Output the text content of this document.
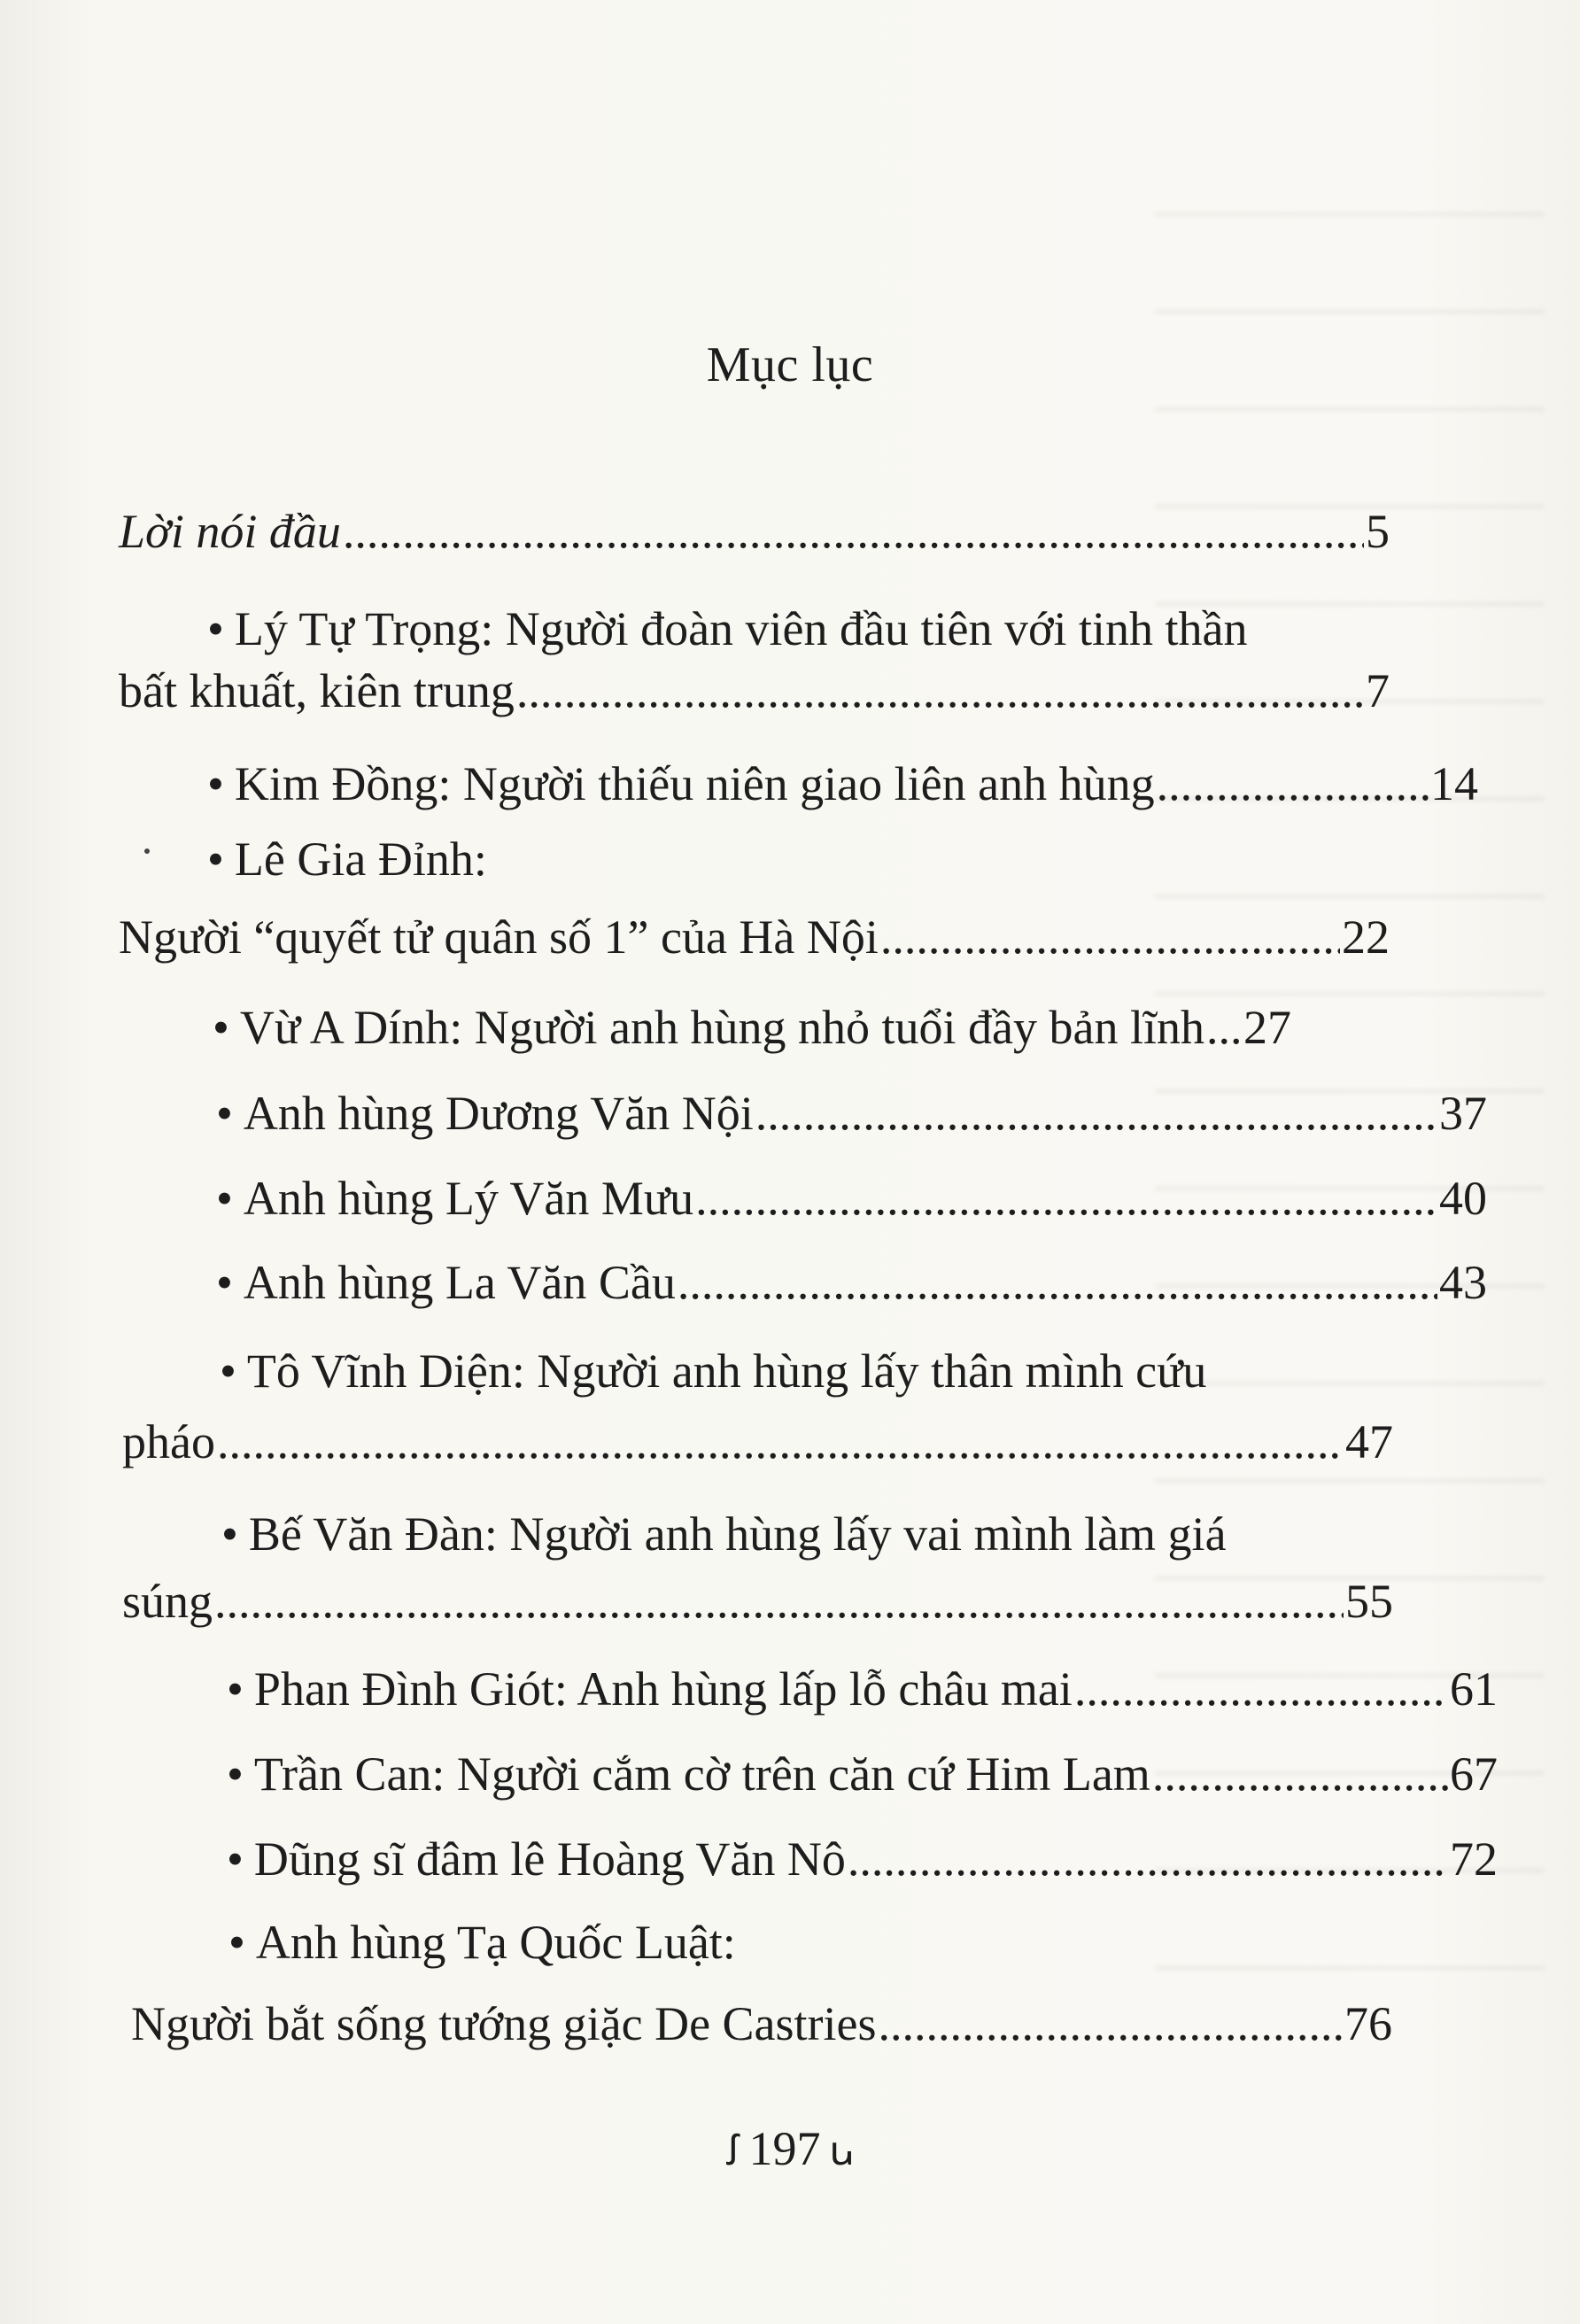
Mục lục
Lời nói đầu .....	5
• Lý Tự Trọng: Người đoàn viên đầu tiên với tinh thần
bất khuất, kiên trung .....	7
• Kim Đồng: Người thiếu niên giao liên anh hùng .....	14
• Lê Gia Đỉnh:
Người “quyết tử quân số 1” của Hà Nội .....	22
• Vừ A Dính: Người anh hùng nhỏ tuổi đầy bản lĩnh ..... 27
• Anh hùng Dương Văn Nội .....	37
• Anh hùng Lý Văn Mưu .....	40
• Anh hùng La Văn Cầu .....	43
• Tô Vĩnh Diện: Người anh hùng lấy thân mình cứu
pháo .....	47
• Bế Văn Đàn: Người anh hùng lấy vai mình làm giá
súng .....	55
• Phan Đình Giót: Anh hùng lấp lỗ châu mai .....	61
• Trần Can: Người cắm cờ trên căn cứ Him Lam .....	67
• Dũng sĩ đâm lê Hoàng Văn Nô .....	72
• Anh hùng Tạ Quốc Luật:
Người bắt sống tướng giặc De Castries .....	76
ꭍ 197 ꭎ
